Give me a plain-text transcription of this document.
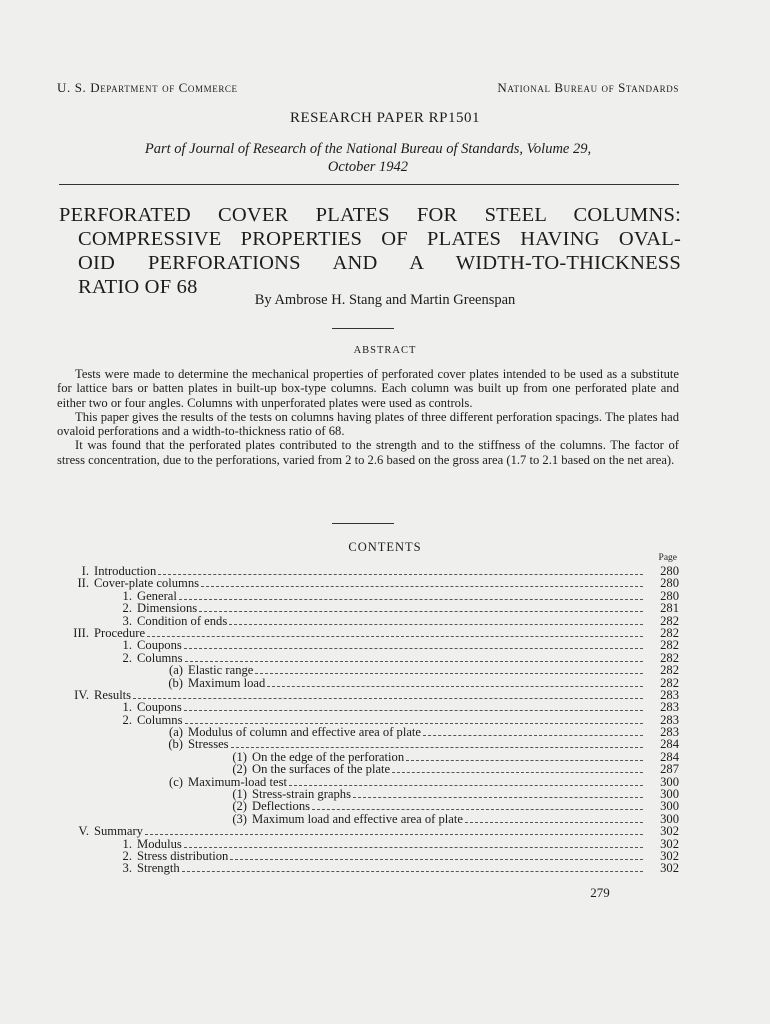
U. S. Department of Commerce	National Bureau of Standards
RESEARCH PAPER RP1501
Part of Journal of Research of the National Bureau of Standards, Volume 29,
October 1942
PERFORATED COVER PLATES FOR STEEL COLUMNS:
COMPRESSIVE PROPERTIES OF PLATES HAVING OVAL-
OID PERFORATIONS AND A WIDTH-TO-THICKNESS
RATIO OF 68
By Ambrose H. Stang and Martin Greenspan
ABSTRACT

Tests were made to determine the mechanical properties of perforated cover plates intended to be used as a substitute for lattice bars or batten plates in built-up box-type columns. Each column was built up from one perforated plate and either two or four angles. Columns with unperforated plates were used as controls.

This paper gives the results of the tests on columns having plates of three different perforation spacings. The plates had ovaloid perforations and a width-to-thickness ratio of 68.

It was found that the perforated plates contributed to the strength and to the stiffness of the columns. The factor of stress concentration, due to the perforations, varied from 2 to 2.6 based on the gross area (1.7 to 2.1 based on the net area).

CONTENTS
Page
I. Introduction	280
II. Cover-plate columns	280
1. General	280
2. Dimensions	281
3. Condition of ends	282
III. Procedure	282
1. Coupons	282
2. Columns	282
(a) Elastic range	282
(b) Maximum load	282
IV. Results	283
1. Coupons	283
2. Columns	283
(a) Modulus of column and effective area of plate	283
(b) Stresses	284
(1) On the edge of the perforation	284
(2) On the surfaces of the plate	287
(c) Maximum-load test	300
(1) Stress-strain graphs	300
(2) Deflections	300
(3) Maximum load and effective area of plate	300
V. Summary	302
1. Modulus	302
2. Stress distribution	302
3. Strength	302
279
